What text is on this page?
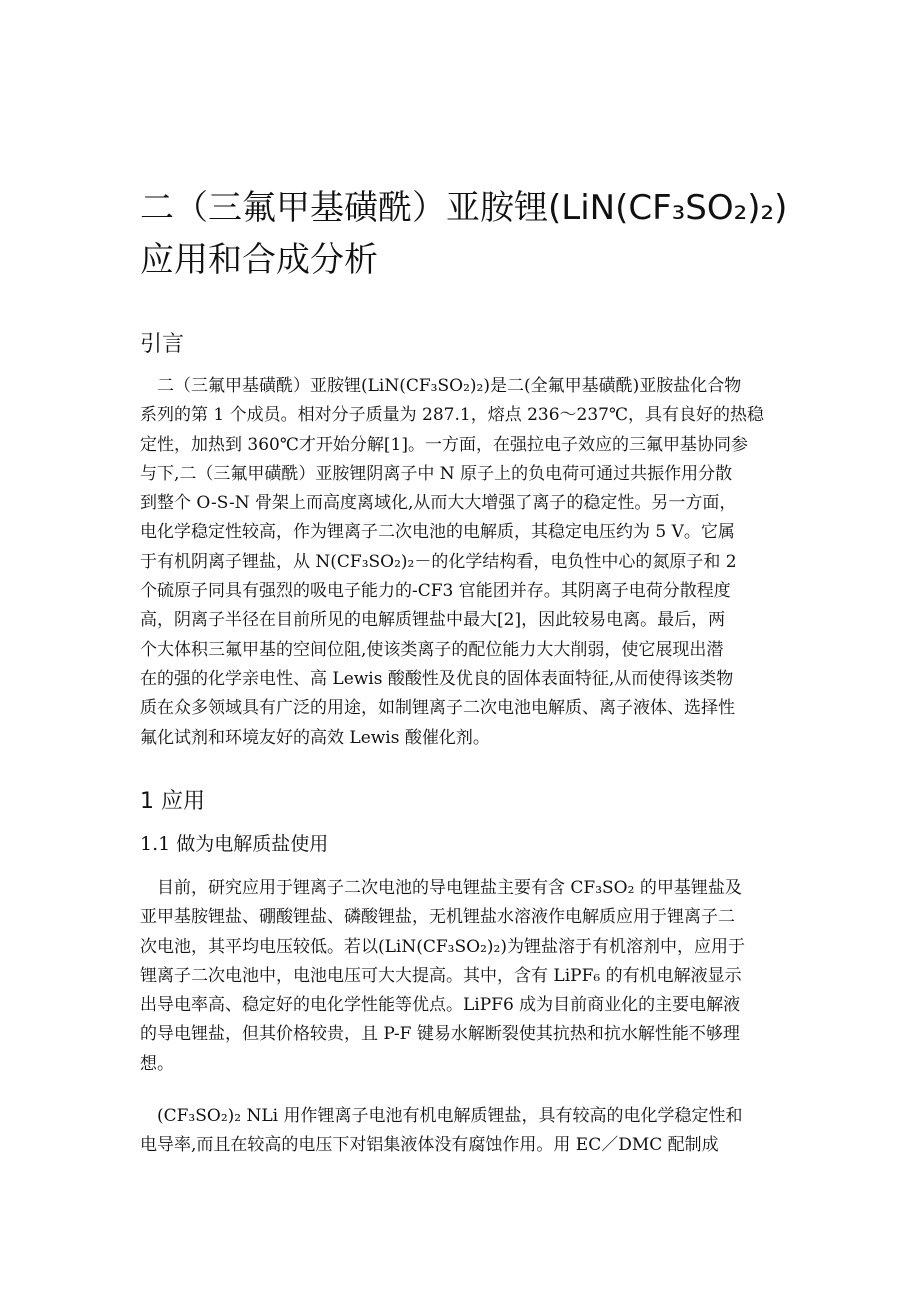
二（三氟甲基磺酰）亚胺锂(LiN(CF₃SO₂)₂)
应用和合成分析
引言
　二（三氟甲基磺酰）亚胺锂(LiN(CF₃SO₂)₂)是二(全氟甲基磺酰)亚胺盐化合物
系列的第 1 个成员。相对分子质量为 287.1，熔点 236～237℃，具有良好的热稳
定性，加热到 360℃才开始分解[1]。一方面，在强拉电子效应的三氟甲基协同参
与下,二（三氟甲磺酰）亚胺锂阴离子中 N 原子上的负电荷可通过共振作用分散
到整个 O-S-N 骨架上而高度离域化,从而大大增强了离子的稳定性。另一方面，
电化学稳定性较高，作为锂离子二次电池的电解质，其稳定电压约为 5 V。它属
于有机阴离子锂盐，从 N(CF₃SO₂)₂－的化学结构看，电负性中心的氮原子和 2
个硫原子同具有强烈的吸电子能力的-CF3 官能团并存。其阴离子电荷分散程度
高，阴离子半径在目前所见的电解质锂盐中最大[2]，因此较易电离。最后，两
个大体积三氟甲基的空间位阻,使该类离子的配位能力大大削弱，使它展现出潜
在的强的化学亲电性、高 Lewis 酸酸性及优良的固体表面特征,从而使得该类物
质在众多领域具有广泛的用途，如制锂离子二次电池电解质、离子液体、选择性
氟化试剂和环境友好的高效 Lewis 酸催化剂。
1 应用
1.1 做为电解质盐使用
　目前，研究应用于锂离子二次电池的导电锂盐主要有含 CF₃SO₂ 的甲基锂盐及
亚甲基胺锂盐、硼酸锂盐、磷酸锂盐，无机锂盐水溶液作电解质应用于锂离子二
次电池，其平均电压较低。若以(LiN(CF₃SO₂)₂)为锂盐溶于有机溶剂中，应用于
锂离子二次电池中，电池电压可大大提高。其中，含有 LiPF₆ 的有机电解液显示
出导电率高、稳定好的电化学性能等优点。LiPF6 成为目前商业化的主要电解液
的导电锂盐，但其价格较贵，且 P-F 键易水解断裂使其抗热和抗水解性能不够理
想。
　(CF₃SO₂)₂ NLi 用作锂离子电池有机电解质锂盐，具有较高的电化学稳定性和
电导率,而且在较高的电压下对铝集液体没有腐蚀作用。用 EC／DMC 配制成
